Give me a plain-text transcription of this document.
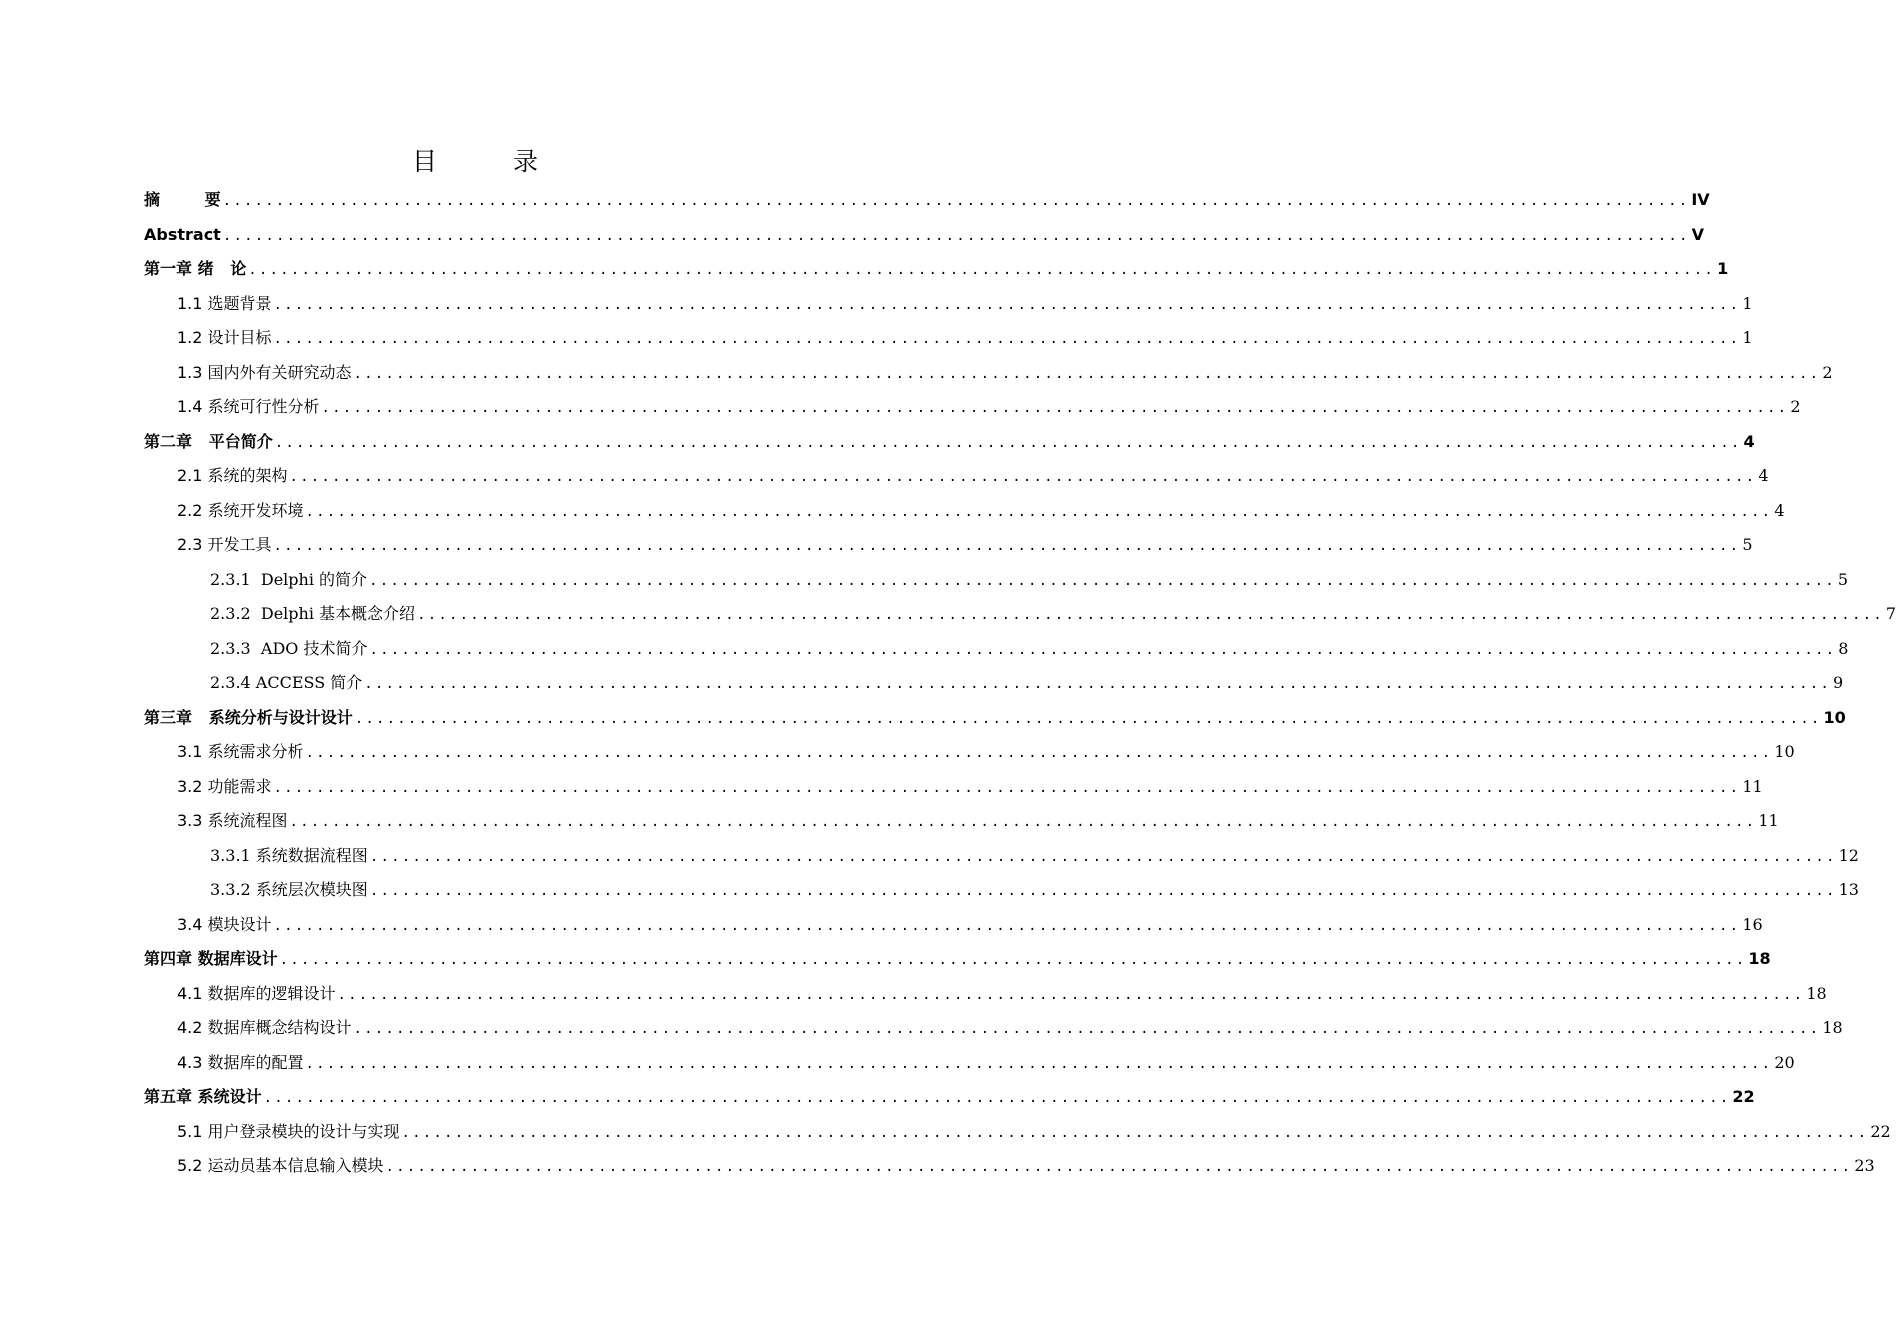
目 录
摘        要 .......................................................................................................................................... IV
Abstract .......................................................................................................................................... V
第一章 绪   论 .......................................................................................................................................... 1
1.1 选题背景 .......................................................................................................................................... 1
1.2 设计目标 .......................................................................................................................................... 1
1.3 国内外有关研究动态 .......................................................................................................................................... 2
1.4 系统可行性分析 .......................................................................................................................................... 2
第二章   平台简介 .......................................................................................................................................... 4
2.1 系统的架构 .......................................................................................................................................... 4
2.2 系统开发环境 .......................................................................................................................................... 4
2.3 开发工具 .......................................................................................................................................... 5
2.3.1  Delphi 的简介 .......................................................................................................................................... 5
2.3.2  Delphi 基本概念介绍 .......................................................................................................................................... 7
2.3.3  ADO 技术简介 .......................................................................................................................................... 8
2.3.4 ACCESS 简介 .......................................................................................................................................... 9
第三章   系统分析与设计设计 .......................................................................................................................................... 10
3.1 系统需求分析 .......................................................................................................................................... 10
3.2 功能需求 .......................................................................................................................................... 11
3.3 系统流程图 .......................................................................................................................................... 11
3.3.1 系统数据流程图 .......................................................................................................................................... 12
3.3.2 系统层次模块图 .......................................................................................................................................... 13
3.4 模块设计 .......................................................................................................................................... 16
第四章 数据库设计 .......................................................................................................................................... 18
4.1 数据库的逻辑设计 .......................................................................................................................................... 18
4.2 数据库概念结构设计 .......................................................................................................................................... 18
4.3 数据库的配置 .......................................................................................................................................... 20
第五章 系统设计 .......................................................................................................................................... 22
5.1 用户登录模块的设计与实现 .......................................................................................................................................... 22
5.2 运动员基本信息输入模块 .......................................................................................................................................... 23
